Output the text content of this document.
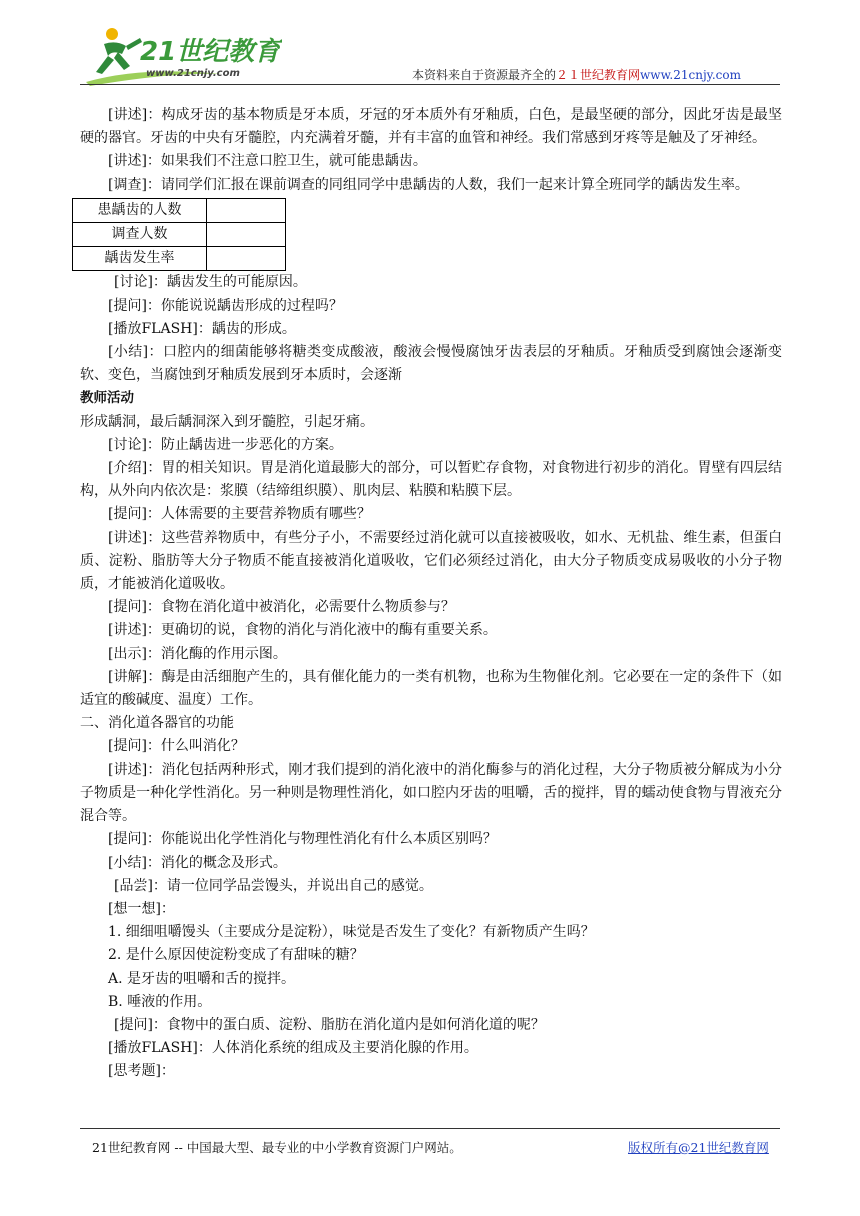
21世纪教育
www.21cnjy.com	本资料来自于资源最齐全的２１世纪教育网www.21cnjy.com

[讲述]：构成牙齿的基本物质是牙本质，牙冠的牙本质外有牙釉质，白色，是最坚硬的部分，因此牙齿是最坚硬的器官。牙齿的中央有牙髓腔，内充满着牙髓，并有丰富的血管和神经。我们常感到牙疼等是触及了牙神经。

[讲述]：如果我们不注意口腔卫生，就可能患龋齿。

[调查]：请同学们汇报在课前调查的同组同学中患龋齿的人数，我们一起来计算全班同学的龋齿发生率。

患龋齿的人数	
调查人数	
龋齿发生率	

[讨论]：龋齿发生的可能原因。

[提问]：你能说说龋齿形成的过程吗？

[播放FLASH]：龋齿的形成。

[小结]：口腔内的细菌能够将糖类变成酸液，酸液会慢慢腐蚀牙齿表层的牙釉质。牙釉质受到腐蚀会逐渐变软、变色，当腐蚀到牙釉质发展到牙本质时，会逐渐

教师活动

形成龋洞，最后龋洞深入到牙髓腔，引起牙痛。

[讨论]：防止龋齿进一步恶化的方案。

[介绍]：胃的相关知识。胃是消化道最膨大的部分，可以暂贮存食物，对食物进行初步的消化。胃壁有四层结构，从外向内依次是：浆膜（结缔组织膜）、肌肉层、粘膜和粘膜下层。

[提问]：人体需要的主要营养物质有哪些？

[讲述]：这些营养物质中，有些分子小，不需要经过消化就可以直接被吸收，如水、无机盐、维生素，但蛋白质、淀粉、脂肪等大分子物质不能直接被消化道吸收，它们必须经过消化，由大分子物质变成易吸收的小分子物质，才能被消化道吸收。

[提问]：食物在消化道中被消化，必需要什么物质参与？

[讲述]：更确切的说，食物的消化与消化液中的酶有重要关系。

[出示]：消化酶的作用示图。

[讲解]：酶是由活细胞产生的，具有催化能力的一类有机物，也称为生物催化剂。它必要在一定的条件下（如适宜的酸碱度、温度）工作。

二、消化道各器官的功能

[提问]：什么叫消化？

[讲述]：消化包括两种形式，刚才我们提到的消化液中的消化酶参与的消化过程，大分子物质被分解成为小分子物质是一种化学性消化。另一种则是物理性消化，如口腔内牙齿的咀嚼，舌的搅拌，胃的蠕动使食物与胃液充分混合等。

[提问]：你能说出化学性消化与物理性消化有什么本质区别吗？

[小结]：消化的概念及形式。

[品尝]：请一位同学品尝馒头，并说出自己的感觉。

[想一想]：

1. 细细咀嚼馒头（主要成分是淀粉），味觉是否发生了变化？有新物质产生吗？

2. 是什么原因使淀粉变成了有甜味的糖？

A. 是牙齿的咀嚼和舌的搅拌。

B. 唾液的作用。

[提问]：食物中的蛋白质、淀粉、脂肪在消化道内是如何消化道的呢？

[播放FLASH]：人体消化系统的组成及主要消化腺的作用。

[思考题]：

21世纪教育网 -- 中国最大型、最专业的中小学教育资源门户网站。	版权所有@21世纪教育网
